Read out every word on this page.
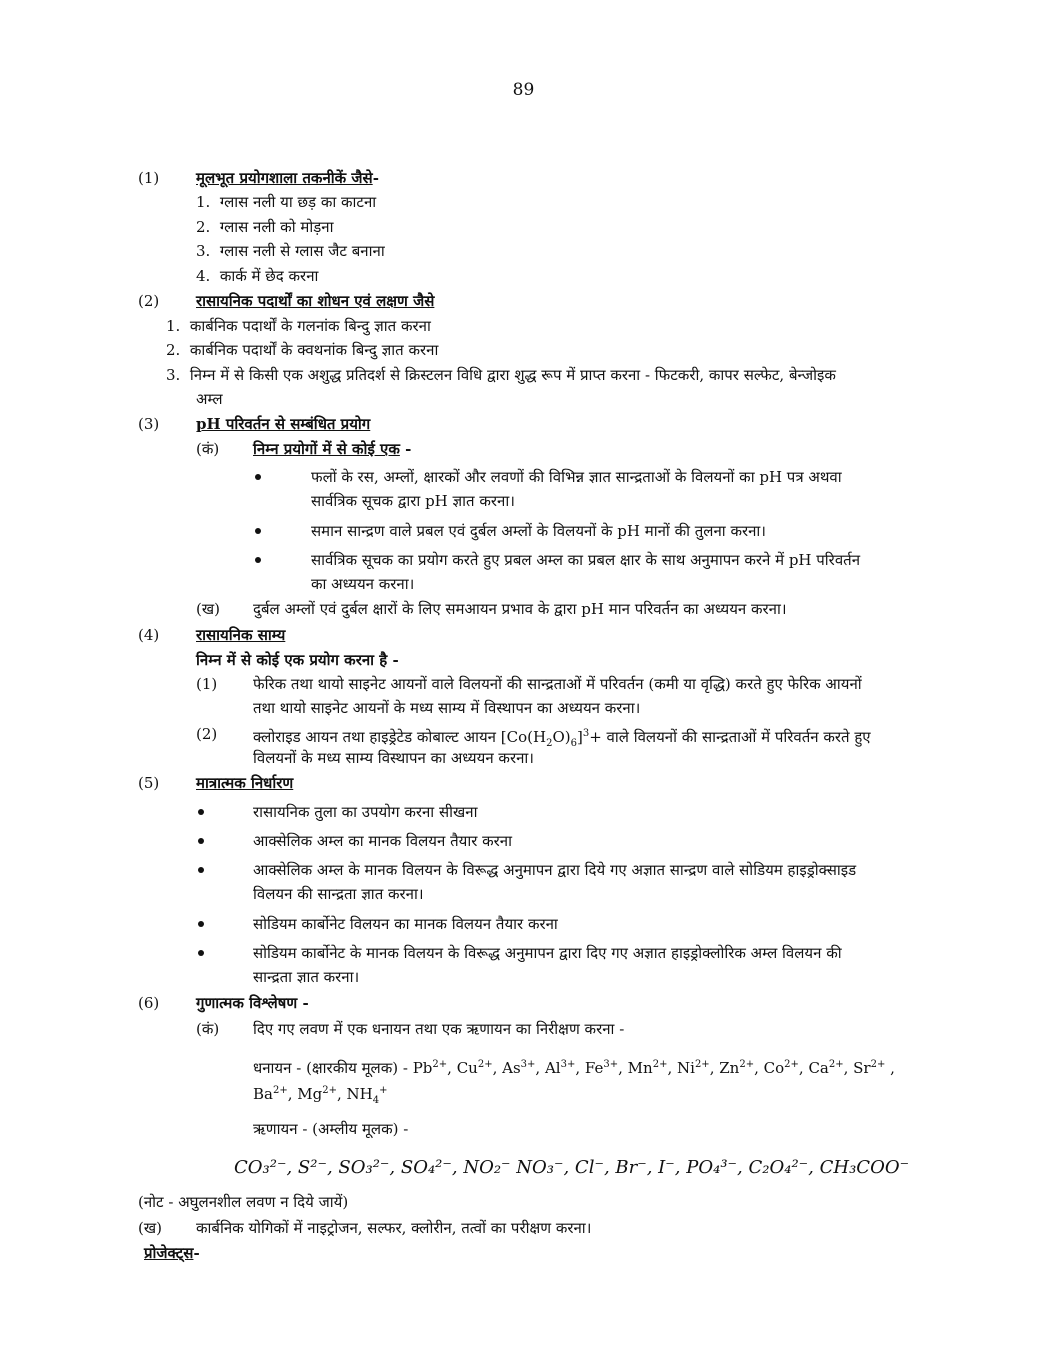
89
(1) मूलभूत प्रयोगशाला तकनीकें जैसे-
1. ग्लास नली या छड़ का काटना
2. ग्लास नली को मोड़ना
3. ग्लास नली से ग्लास जैट बनाना
4. कार्क में छेद करना
(2) रासायनिक पदार्थों का शोधन एवं लक्षण जैसे
1. कार्बनिक पदार्थों के गलनांक बिन्दु ज्ञात करना
2. कार्बनिक पदार्थों के क्वथनांक बिन्दु ज्ञात करना
3. निम्न में से किसी एक अशुद्ध प्रतिदर्श से क्रिस्टलन विधि द्वारा शुद्ध रूप में प्राप्त करना - फिटकरी, कापर सल्फेट, बेन्जोइक
अम्ल
(3) pH परिवर्तन से सम्बंधित प्रयोग
(कं) निम्न प्रयोगों में से कोई एक -
फलों के रस, अम्लों, क्षारकों और लवणों की विभिन्न ज्ञात सान्द्रताओं के विलयनों का pH पत्र अथवा
सार्वत्रिक सूचक द्वारा pH ज्ञात करना।
समान सान्द्रण वाले प्रबल एवं दुर्बल अम्लों के विलयनों के pH मानों की तुलना करना।
सार्वत्रिक सूचक का प्रयोग करते हुए प्रबल अम्ल का प्रबल क्षार के साथ अनुमापन करने में pH परिवर्तन
का अध्ययन करना।
(ख) दुर्बल अम्लों एवं दुर्बल क्षारों के लिए समआयन प्रभाव के द्वारा pH मान परिवर्तन का अध्ययन करना।
(4) रासायनिक साम्य
निम्न में से कोई एक प्रयोग करना है -
(1) फेरिक तथा थायो साइनेट आयनों वाले विलयनों की सान्द्रताओं में परिवर्तन (कमी या वृद्धि) करते हुए फेरिक आयनों
तथा थायो साइनेट आयनों के मध्य साम्य में विस्थापन का अध्ययन करना।
(2) क्लोराइड आयन तथा हाइड्रेटेड कोबाल्ट आयन $[Co(H_2O)_6]^3+$ वाले विलयनों की सान्द्रताओं में परिवर्तन करते हुए
विलयनों के मध्य साम्य विस्थापन का अध्ययन करना।
(5) मात्रात्मक निर्धारण
रासायनिक तुला का उपयोग करना सीखना
आक्सेलिक अम्ल का मानक विलयन तैयार करना
आक्सेलिक अम्ल के मानक विलयन के विरूद्ध अनुमापन द्वारा दिये गए अज्ञात सान्द्रण वाले सोडियम हाइड्रोक्साइड
विलयन की सान्द्रता ज्ञात करना।
सोडियम कार्बोनेट विलयन का मानक विलयन तैयार करना
सोडियम कार्बोनेट के मानक विलयन के विरूद्ध अनुमापन द्वारा दिए गए अज्ञात हाइड्रोक्लोरिक अम्ल विलयन की
सान्द्रता ज्ञात करना।
(6) गुणात्मक विश्लेषण -
(कं) दिए गए लवण में एक धनायन तथा एक ऋणायन का निरीक्षण करना -
धनायन - (क्षारकीय मूलक) - $Pb^{2+}$, $Cu^{2+}$, $As^{3+}$, $Al^{3+}$, $Fe^{3+}$, $Mn^{2+}$, $Ni^{2+}$, $Zn^{2+}$, $Co^{2+}$, $Ca^{2+}$, $Sr^{2+}$ ,
$Ba^{2+}$, $Mg^{2+}$, $NH_4^+$
ऋणायन - (अम्लीय मूलक) -
CO₃²⁻, S²⁻, SO₃²⁻, SO₄²⁻, NO₂⁻ NO₃⁻, Cl⁻, Br⁻, I⁻, PO₄³⁻, C₂O₄²⁻, CH₃COO⁻
(नोट - अघुलनशील लवण न दिये जायें)
(ख) कार्बनिक योगिकों में नाइट्रोजन, सल्फर, क्लोरीन, तत्वों का परीक्षण करना।
प्रोजेक्ट्स-
